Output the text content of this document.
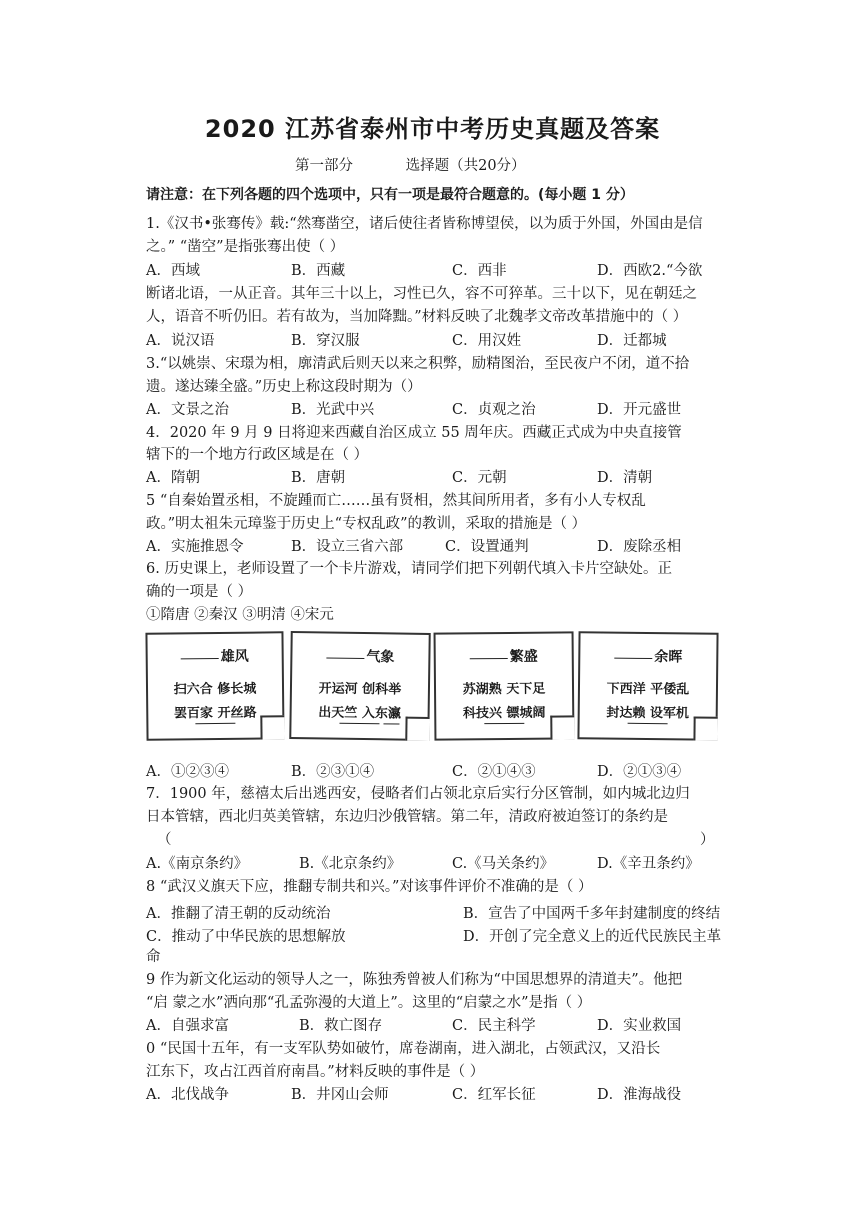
2020 江苏省泰州市中考历史真题及答案
第一部分	选择题（共20分）
请注意：在下列各题的四个选项中，只有一项是最符合题意的。(每小题 1 分）
1.《汉书•张骞传》载:“然骞凿空，诸后使往者皆称博望侯，以为质于外国，外国由是信
之。” “凿空”是指张骞出使（ ）
A．西域	B．西藏	C．西非	D．西欧2.“今欲
断诸北语，一从正音。其年三十以上，习性已久，容不可猝革。三十以下，见在朝廷之
人，语音不听仍旧。若有故为，当加降黜。”材料反映了北魏孝文帝改革措施中的（ ）
A．说汉语	B．穿汉服	C．用汉姓	D．迁都城
3.“以姚崇、宋璟为相，廓清武后则天以来之积弊，励精图治，至民夜户不闭，道不拾
遗。遂达臻全盛。”历史上称这段时期为（）
A．文景之治	B．光武中兴	C．贞观之治	D．开元盛世
4．2020 年 9 月 9 日将迎来西藏自治区成立 55 周年庆。西藏正式成为中央直接管
辖下的一个地方行政区域是在（ ）
A．隋朝	B．唐朝	C．元朝	D．清朝
5 “自秦始置丞相，不旋踵而亡……虽有贤相，然其间所用者，多有小人专权乱
政。”明太祖朱元璋鉴于历史上“专权乱政”的教训，采取的措施是（ ）
A．实施推恩令	B．设立三省六部	C．设置通判	D．废除丞相
6. 历史课上，老师设置了一个卡片游戏，请同学们把下列朝代填入卡片空缺处。正
确的一项是（ ）
①隋唐 ②秦汉 ③明清 ④宋元
雄风
扫六合 修长城
罢百家 开丝路
气象
开运河 创科举
出天竺 入东瀛
繁盛
苏湖熟 天下足
科技兴 镖城阔
余晖
下西洋 平倭乱
封达赖 设军机
A．①②③④	B．②③①④	C．②①④③	D．②①③④
7．1900 年，慈禧太后出逃西安，侵略者们占领北京后实行分区管制，如内城北边归
日本管辖，西北归英美管辖，东边归沙俄管辖。第二年，清政府被迫签订的条约是
（	）
A.《南京条约》	B.《北京条约》	C.《马关条约》	D.《辛丑条约》
8 “武汉义旗天下应，推翻专制共和兴。”对该事件评价不准确的是（ ）
A．推翻了清王朝的反动统治	B．宣告了中国两千多年封建制度的终结
C．推动了中华民族的思想解放	D．开创了完全意义上的近代民族民主革
命
9 作为新文化运动的领导人之一，陈独秀曾被人们称为“中国思想界的清道夫”。他把
“启 蒙之水”洒向那“孔孟弥漫的大道上”。这里的“启蒙之水”是指（ ）
A．自强求富	B．救亡图存	C．民主科学	D．实业救国
0 “民国十五年，有一支军队势如破竹，席卷湖南，进入湖北，占领武汉，又沿长
江东下，攻占江西首府南昌。”材料反映的事件是（ ）
A．北伐战争	B．井冈山会师	C．红军长征	D．淮海战役
